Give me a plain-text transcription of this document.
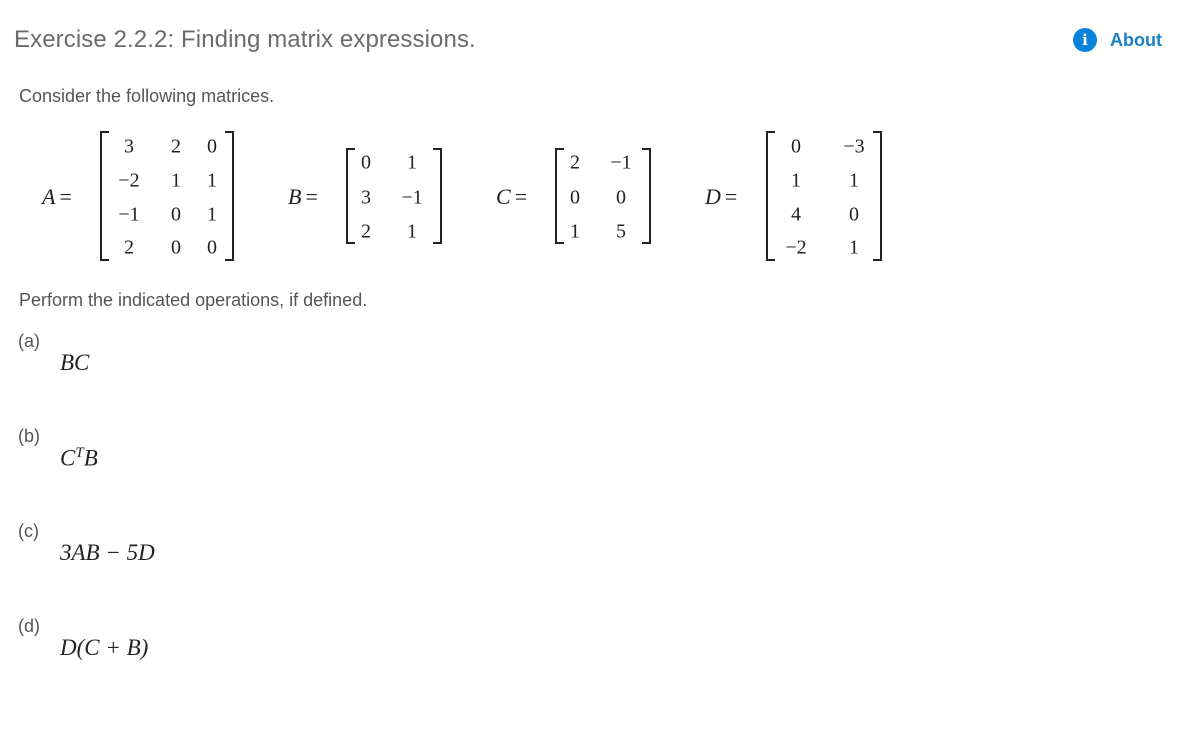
Exercise 2.2.2: Finding matrix expressions.	i	About
Consider the following matrices.
A =
3 2 0
−2 1 1
−1 0 1
2 0 0
B =
0 1
3 −1
2 1
C =
2 −1
0 0
1 5
D =
0 −3
1 1
4 0
−2 1
Perform the indicated operations, if defined.
(a)
BC
(b)
$C^TB$
(c)
3AB − 5D
(d)
D(C + B)
